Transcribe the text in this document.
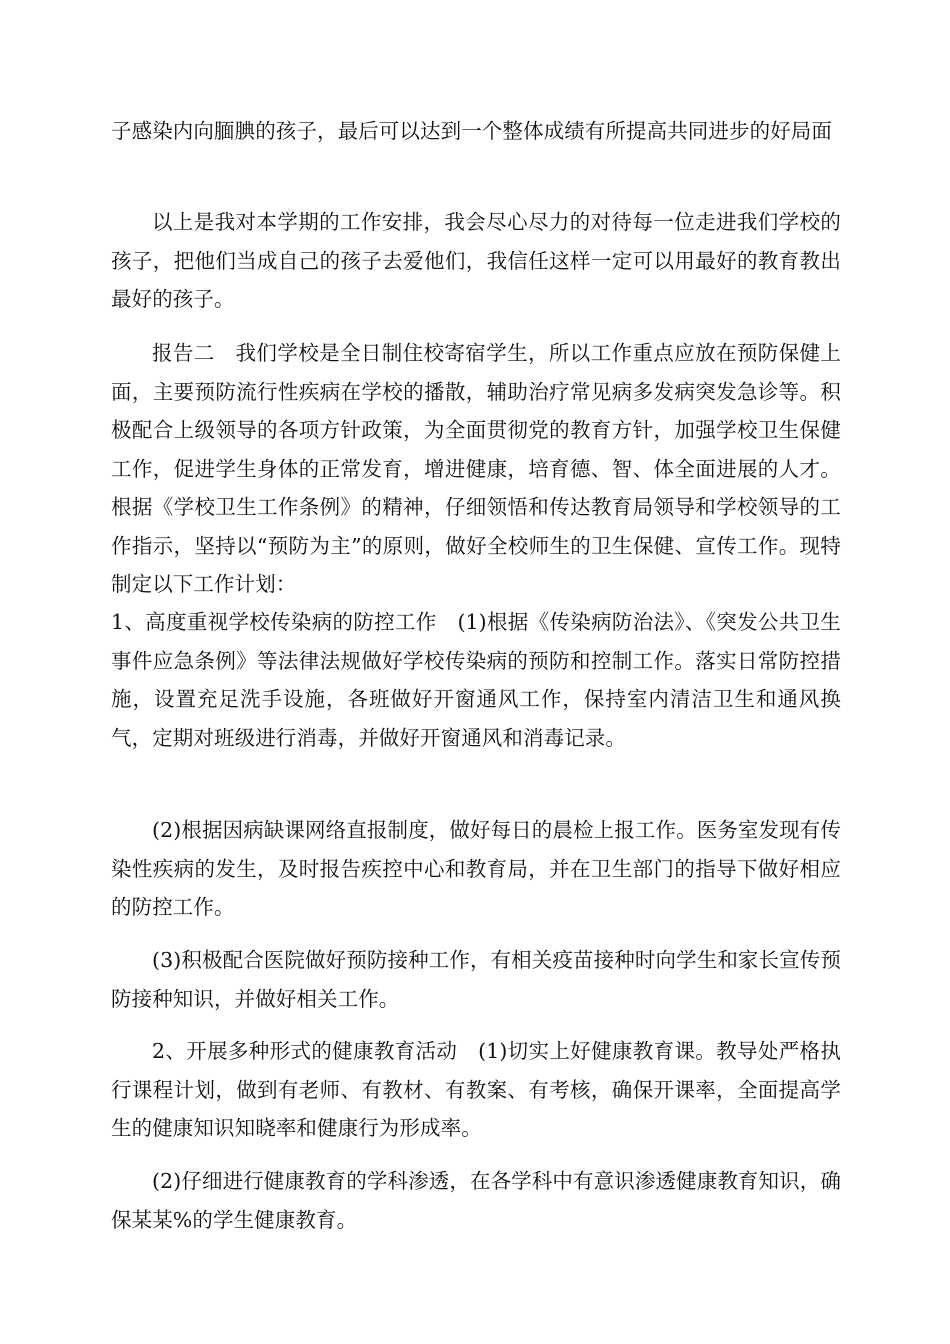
子感染内向腼腆的孩子，最后可以达到一个整体成绩有所提高共同进步的好局面

以上是我对本学期的工作安排，我会尽心尽力的对待每一位走进我们学校的孩子，把他们当成自己的孩子去爱他们，我信任这样一定可以用最好的教育教出最好的孩子。

报告二　我们学校是全日制住校寄宿学生，所以工作重点应放在预防保健上面，主要预防流行性疾病在学校的播散，辅助治疗常见病多发病突发急诊等。积极配合上级领导的各项方针政策，为全面贯彻党的教育方针，加强学校卫生保健工作，促进学生身体的正常发育，增进健康，培育德、智、体全面进展的人才。根据《学校卫生工作条例》的精神，仔细领悟和传达教育局领导和学校领导的工作指示，坚持以“预防为主”的原则，做好全校师生的卫生保健、宣传工作。现特制定以下工作计划：

1、高度重视学校传染病的防控工作　(1)根据《传染病防治法》、《突发公共卫生事件应急条例》等法律法规做好学校传染病的预防和控制工作。落实日常防控措施，设置充足洗手设施，各班做好开窗通风工作，保持室内清洁卫生和通风换气，定期对班级进行消毒，并做好开窗通风和消毒记录。

(2)根据因病缺课网络直报制度，做好每日的晨检上报工作。医务室发现有传染性疾病的发生，及时报告疾控中心和教育局，并在卫生部门的指导下做好相应的防控工作。

(3)积极配合医院做好预防接种工作，有相关疫苗接种时向学生和家长宣传预防接种知识，并做好相关工作。

2、开展多种形式的健康教育活动　(1)切实上好健康教育课。教导处严格执行课程计划，做到有老师、有教材、有教案、有考核，确保开课率，全面提高学生的健康知识知晓率和健康行为形成率。

(2)仔细进行健康教育的学科渗透，在各学科中有意识渗透健康教育知识，确保某某%的学生健康教育。
